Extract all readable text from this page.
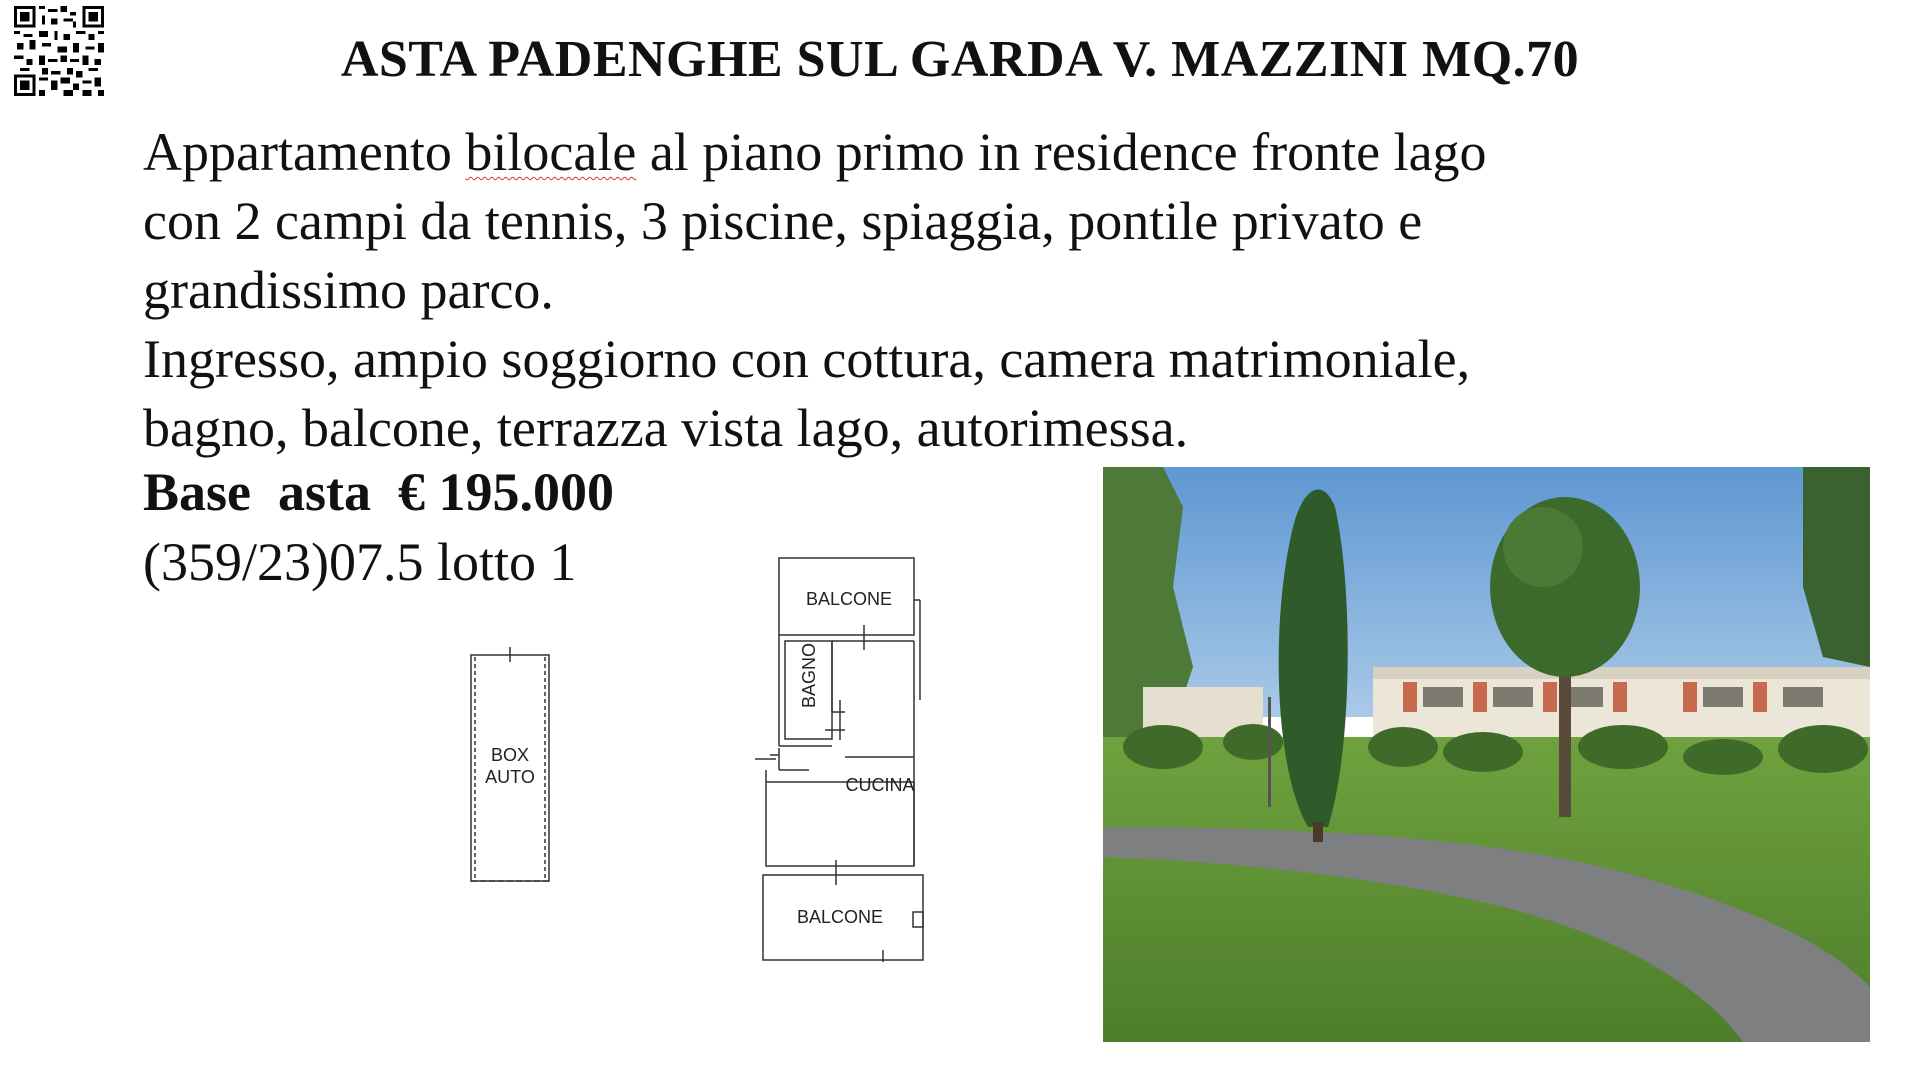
ASTA PADENGHE SUL GARDA V. MAZZINI MQ.70

Appartamento bilocale al piano primo in residence fronte lago

con 2 campi da tennis, 3 piscine, spiaggia, pontile privato e

grandissimo parco.

Ingresso, ampio soggiorno con cottura, camera matrimoniale,

bagno, balcone, terrazza vista lago, autorimessa.

Base  asta  € 195.000
(359/23)07.5 lotto 1
BOX
AUTO
BALCONE
BAGNO
CUCINA
BALCONE
